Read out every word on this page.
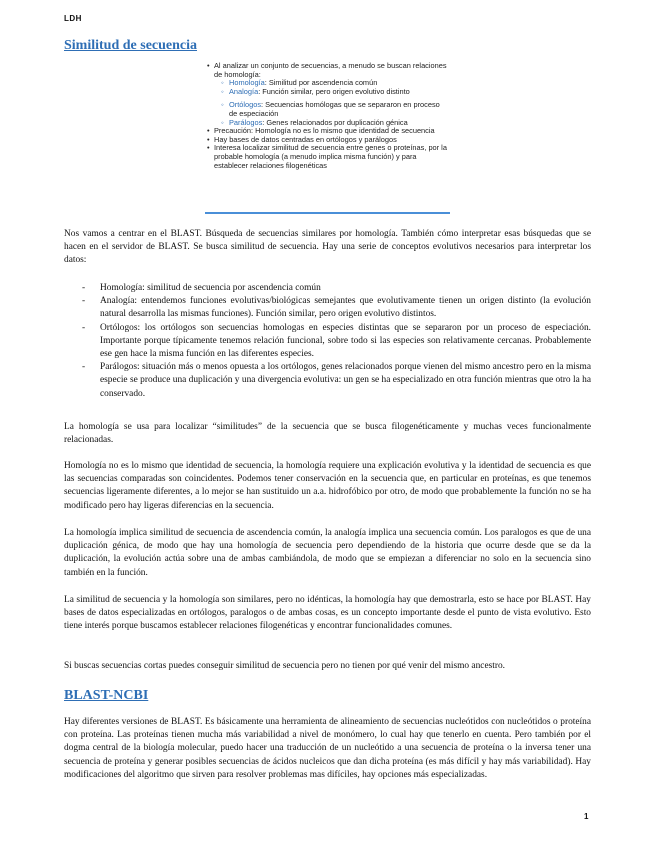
LDH
Similitud de secuencia
• Al analizar un conjunto de secuencias, a menudo se buscan relaciones de homología:
◦ Homología: Similitud por ascendencia común
◦ Analogía: Función similar, pero origen evolutivo distinto
◦ Ortólogos: Secuencias homólogas que se separaron en proceso de especiación
◦ Parálogos: Genes relacionados por duplicación génica
• Precaución: Homología no es lo mismo que identidad de secuencia
• Hay bases de datos centradas en ortólogos y parálogos
• Interesa localizar similitud de secuencia entre genes o proteínas, por la probable homología (a menudo implica misma función) y para establecer relaciones filogenéticas
Nos vamos a centrar en el BLAST. Búsqueda de secuencias similares por homología. También cómo interpretar esas búsquedas que se hacen en el servidor de BLAST. Se busca similitud de secuencia. Hay una serie de conceptos evolutivos necesarios para interpretar los datos:
- Homología: similitud de secuencia por ascendencia común
- Analogía: entendemos funciones evolutivas/biológicas semejantes que evolutivamente tienen un origen distinto (la evolución natural desarrolla las mismas funciones). Función similar, pero origen evolutivo distintos.
- Ortólogos: los ortólogos son secuencias homologas en especies distintas que se separaron por un proceso de especiación. Importante porque típicamente tenemos relación funcional, sobre todo si las especies son relativamente cercanas. Probablemente ese gen hace la misma función en las diferentes especies.
- Parálogos: situación más o menos opuesta a los ortólogos, genes relacionados porque vienen del mismo ancestro pero en la misma especie se produce una duplicación y una divergencia evolutiva: un gen se ha especializado en otra función mientras que otro la ha conservado.
La homología se usa para localizar “similitudes” de la secuencia que se busca filogenéticamente y muchas veces funcionalmente relacionadas.
Homología no es lo mismo que identidad de secuencia, la homología requiere una explicación evolutiva y la identidad de secuencia es que las secuencias comparadas son coincidentes. Podemos tener conservación en la secuencia que, en particular en proteínas, es que tenemos secuencias ligeramente diferentes, a lo mejor se han sustituido un a.a. hidrofóbico por otro, de modo que probablemente la función no se ha modificado pero hay ligeras diferencias en la secuencia.
La homología implica similitud de secuencia de ascendencia común, la analogía implica una secuencia común. Los paralogos es que de una duplicación génica, de modo que hay una homología de secuencia pero dependiendo de la historia que ocurre desde que se da la duplicación, la evolución actúa sobre una de ambas cambiándola, de modo que se empiezan a diferenciar no solo en la secuencia sino también en la función.
La similitud de secuencia y la homología son similares, pero no idénticas, la homología hay que demostrarla, esto se hace por BLAST. Hay bases de datos especializadas en ortólogos, paralogos o de ambas cosas, es un concepto importante desde el punto de vista evolutivo. Esto tiene interés porque buscamos establecer relaciones filogenéticas y encontrar funcionalidades comunes.
Si buscas secuencias cortas puedes conseguir similitud de secuencia pero no tienen por qué venir del mismo ancestro.
BLAST-NCBI
Hay diferentes versiones de BLAST. Es básicamente una herramienta de alineamiento de secuencias nucleótidos con nucleótidos o proteína con proteína. Las proteínas tienen mucha más variabilidad a nivel de monómero, lo cual hay que tenerlo en cuenta. Pero también por el dogma central de la biología molecular, puedo hacer una traducción de un nucleótido a una secuencia de proteína o la inversa tener una secuencia de proteína y generar posibles secuencias de ácidos nucleicos que dan dicha proteína (es más difícil y hay más variabilidad). Hay modificaciones del algoritmo que sirven para resolver problemas mas difíciles, hay opciones más especializadas.
1
